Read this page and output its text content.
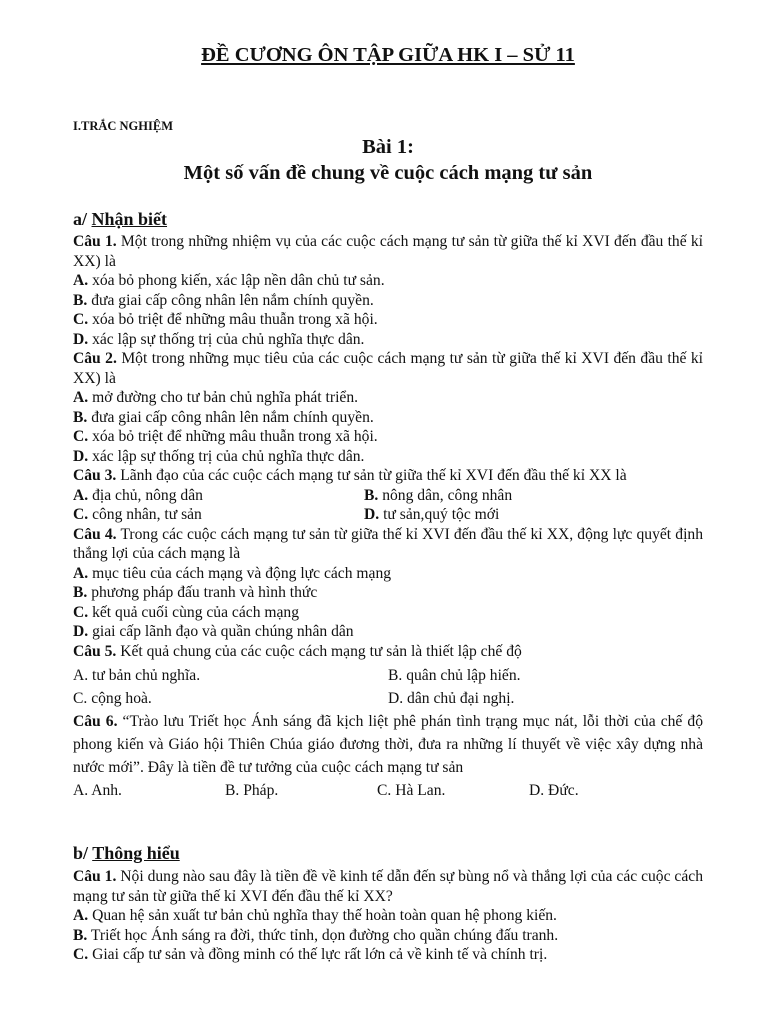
ĐỀ CƯƠNG ÔN TẬP GIỮA HK I – SỬ 11
I.TRẮC NGHIỆM
Bài 1:
Một số vấn đề chung về cuộc cách mạng tư sản
a/ Nhận biết
Câu 1. Một trong những nhiệm vụ của các cuộc cách mạng tư sản từ giữa thế kỉ XVI đến đầu thế kỉ XX) là
A. xóa bỏ phong kiến, xác lập nền dân chủ tư sản.
B. đưa giai cấp công nhân lên nắm chính quyền.
C. xóa bỏ triệt để những mâu thuẫn trong xã hội.
D. xác lập sự thống trị của chủ nghĩa thực dân.
Câu 2. Một trong những mục tiêu của các cuộc cách mạng tư sản từ giữa thế kỉ XVI đến đầu thế kỉ XX) là
A. mở đường cho tư bản chủ nghĩa phát triển.
B. đưa giai cấp công nhân lên nắm chính quyền.
C. xóa bỏ triệt để những mâu thuẫn trong xã hội.
D. xác lập sự thống trị của chủ nghĩa thực dân.
Câu 3. Lãnh đạo của các cuộc cách mạng tư sản từ giữa thế kỉ XVI đến đầu thế kỉ XX là
A. địa chủ, nông dân	B. nông dân, công nhân
C. công nhân, tư sản	D. tư sản,quý tộc mới
Câu 4. Trong các cuộc cách mạng tư sản từ giữa thế kỉ XVI đến đầu thế kỉ XX, động lực quyết định thắng lợi của cách mạng là
A. mục tiêu của cách mạng và động lực cách mạng
B. phương pháp đấu tranh và hình thức
C. kết quả cuối cùng của cách mạng
D. giai cấp lãnh đạo và quần chúng nhân dân
Câu 5. Kết quả chung của các cuộc cách mạng tư sản là thiết lập chế độ
A. tư bản chủ nghĩa.	B. quân chủ lập hiến.
C. cộng hoà.	D. dân chủ đại nghị.
Câu 6. “Trào lưu Triết học Ánh sáng đã kịch liệt phê phán tình trạng mục nát, lỗi thời của chế độ phong kiến và Giáo hội Thiên Chúa giáo đương thời, đưa ra những lí thuyết về việc xây dựng nhà nước mới”. Đây là tiền đề tư tưởng của cuộc cách mạng tư sản
A. Anh.	B. Pháp.	C. Hà Lan.	D. Đức.
b/ Thông hiểu
Câu 1. Nội dung nào sau đây là tiền đề về kinh tế dẫn đến sự bùng nổ và thắng lợi của các cuộc cách mạng tư sản từ giữa thế kỉ XVI đến đầu thế kỉ XX?
A. Quan hệ sản xuất tư bản chủ nghĩa thay thế hoàn toàn quan hệ phong kiến.
B. Triết học Ánh sáng ra đời, thức tỉnh, dọn đường cho quần chúng đấu tranh.
C. Giai cấp tư sản và đồng minh có thế lực rất lớn cả về kinh tế và chính trị.
